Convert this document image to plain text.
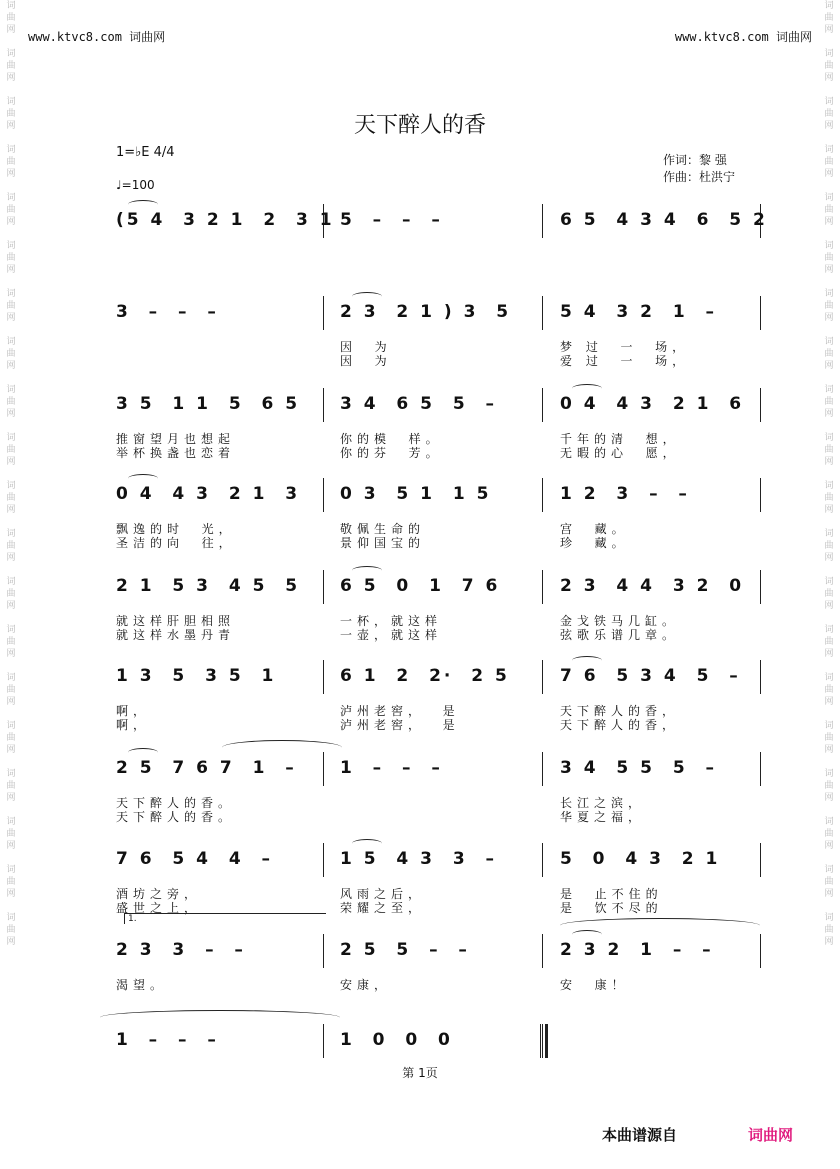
词
曲
网

词
曲
网

词
曲
网

词
曲
网

词
曲
网

词
曲
网

词
曲
网

词
曲
网

词
曲
网

词
曲
网

词
曲
网

词
曲
网

词
曲
网

词
曲
网

词
曲
网

词
曲
网

词
曲
网

词
曲
网

词
曲
网

词
曲
网

词
曲
网

词
曲
网

词
曲
网

词
曲
网

词
曲
网

词
曲
网

词
曲
网

词
曲
网

词
曲
网

词
曲
网

词
曲
网

词
曲
网

词
曲
网

词
曲
网

词
曲
网

词
曲
网

词
曲
网

词
曲
网

词
曲
网

词
曲
网

www.ktvc8.com 词曲网	www.ktvc8.com 词曲网
天下醉人的香
1=♭E 4/4
♩=100
作词：黎 强
作曲：杜洪宁
(5 4  3 2 1  2  3 1 5  –  –  –	6 5  4 3 4  6  5 2
3  –  –  –	2 3  2 1 ) 3  5
因  为
因  为
5 4  3 2  1  –
梦 过  一  场，
爱 过  一  场，
3 5  1 1  5  6 5
推窗望月也想起
举杯换盏也恋着
3 4  6 5  5  –
你的模  样。
你的芬  芳。
0 4  4 3  2 1  6
千年的清  想，
无暇的心  愿，
0 4  4 3  2 1  3
飘逸的时  光，
圣洁的向  往，
0 3  5 1  1 5
敬佩生命的
景仰国宝的
1 2  3  –  –
宫  藏。
珍  藏。
2 1  5 3  4 5  5
就这样肝胆相照
就这样水墨丹青
6 5  0  1  7 6
一杯，就这样
一壶，就这样
2 3  4 4  3 2  0
金戈铁马几缸。
弦歌乐谱几章。
1 3  5  3 5  1
啊，
啊，
6 1  2  2·  2 5
泸州老窖，  是
泸州老窖，  是
7 6  5 3 4  5  –
天下醉人的香，
天下醉人的香，
2 5  7 6 7  1  –
天下醉人的香。
天下醉人的香。
1  –  –  –	3 4  5 5  5  –
长江之滨，
华夏之福，
7 6  5 4  4  –
酒坊之旁，
盛世之上，
1 5  4 3  3  –
风雨之后，
荣耀之至，
5  0  4 3  2 1
是  止不住的
是  饮不尽的
2 3  3  –  –
渴望。
2 5  5  –  –
安康，
2 3 2  1  –  –
安  康！
1  –  –  –	1  0  0  0
1.
第 1页
本曲谱源自	词曲网
